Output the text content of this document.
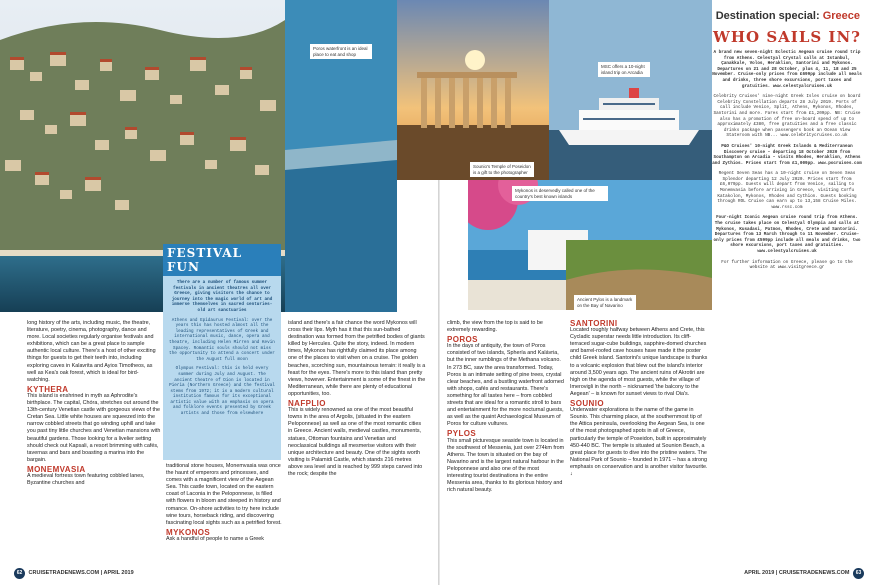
Destination special: Greece
Poros waterfront is an ideal place to eat and shop
Sounio's Temple of Poseidon is a gift to the photographer
MSC offers a 10-night island trip on Arcadia
Mykonos is deservedly called one of the country's best known islands
Ancient Pylos is a landmark on the Bay of Navarino
FESTIVAL FUN

There are a number of famous summer festivals in ancient theatres all over Greece, giving visitors the chance to journey into the magic world of art and immerse themselves in sacred centuries-old art sanctuaries

Athens and Epidaurus Festival: over the years this has hosted almost all the leading representatives of Greek and international music, dance, opera and theatre, including Helen Mirren and Kevin Spacey. Romantic souls should not miss the opportunity to attend a concert under the August full moon

Olympus Festival: this is held every summer during July and August. The ancient theatre of Dion is located in Pieria (Northern Greece) and the festival stems from 1972; it is a modern cultural institution famous for its exceptional artistic value with an emphasis on opera and folklore events presented by Greek artists and those from elsewhere

long history of the arts, including music, the theatre, literature, poetry, cinema, photography, dance and more. Local societies regularly organise festivals and exhibitions, which can be a great place to sample authentic local culture. There's a host of other exciting things for guests to get their teeth into, including exploring caves in Kalavrita and Ayios Timotheos, as well as Kea's oak forest, which is ideal for bird-watching.

KYTHERA

This island is enshrined in myth as Aphrodite's birthplace. The capital, Chóra, stretches out around the 13th-century Venetian castle with gorgeous views of the Cretan Sea. Little white houses are squeezed into the narrow cobbled streets that go winding uphill and take you past tiny little churches and Venetian mansions with beautiful gardens. Those looking for a livelier setting should check out Kapsali, a resort brimming with cafés, tavernas and bars and boasting a marina into the bargain.

MONEMVASIA

A medieval fortress town featuring cobbled lanes, Byzantine churches and

traditional stone houses, Monemvasia was once the haunt of emperors and princesses, and comes with a magnificent view of the Aegean Sea. This castle town, located on the eastern coast of Laconia in the Peloponnese, is filled with flowers in bloom and steeped in history and romance. On-shore activities to try here include wine tours, horseback riding, and discovering fascinating local sights such as a petrified forest.

MYKONOS

Ask a handful of people to name a Greek

island and there's a fair chance the word Mykonos will cross their lips. Myth has it that this sun-bathed destination was formed from the petrified bodies of giants killed by Hercules. Quite the story, indeed. In modern times, Mykonos has rightfully claimed its place among one of the places to visit when on a cruise. The golden beaches, scorching sun, mountainous terrain: it really is a feast for the eyes. There's more to this island than pretty views, however. Entertainment is some of the finest in the Mediterranean, while there are plenty of educational opportunities, too.

NAFPLIO

This is widely renowned as one of the most beautiful towns in the area of Argolis, (situated in the eastern Peloponnese) as well as one of the most romantic cities in Greece. Ancient walls, medieval castles, monuments, statues, Ottoman fountains and Venetian and neoclassical buildings all mesmerise visitors with their unique architecture and beauty. One of the sights worth visiting is Palamidi Castle, which stands 216 metres above sea level and is reached by 999 steps carved into the rock; despite the

climb, the view from the top is said to be extremely rewarding.

POROS

In the days of antiquity, the town of Poros consisted of two islands, Sphería and Kalávria, but the inner rumblings of the Methana volcano. In 273 BC, saw the area transformed. Today, Poros is an intimate setting of pine trees, crystal clear beaches, and a bustling waterfront adorned with shops, cafés and restaurants. There's something for all tastes here – from cobbled streets that are ideal for a romantic stroll to bars and entertainment for the more nocturnal guests, as well as the quaint Archaeological Museum of Poros for culture vultures.

PYLOS

This small picturesque seaside town is located in the southwest of Messenia, just over 274km from Athens. The town is situated on the bay of Navarino and is the largest natural harbour in the Peloponnese and also one of the most interesting tourist destinations in the entire Messenia area, thanks to its glorious history and rich natural beauty.

SANTORINI

Located roughly halfway between Athens and Crete, this Cycladic superstar needs little introduction. Its cliff-terraced sugar-cube buildings, sapphire-domed churches and barrel-roofed cave houses have made it the poster child Greek island. Santorini's unique landscape is thanks to a volcanic explosion that blew out the island's interior around 3,500 years ago. The ancient ruins of Akrotiri are high on the agenda of most guests, while the village of Imerovigli in the north – nicknamed 'the balcony to the Aegean' – is known for sunset views to rival Oia's.

SOUNIO

Underwater explorations is the name of the game in Sounio. This charming place, at the southernmost tip of the Attica peninsula, overlooking the Aegean Sea, is one of the most photographed spots in all of Greece, particularly the temple of Poseidon, built in approximately 450-440 BC. The temple is situated at Sounion Beach, a great place for guests to dive into the pristine waters. The National Park of Sounio – founded in 1971 – has a strong emphasis on conservation and is another visitor favourite. ↓

WHO SAILS IN?

A brand new seven-night Eclectic Aegean cruise round trip from Athens. Celestyal Crystal calls at Istanbul, Çanakkale, Volos, Heraklion, Santorini and Mykonos. Departures on 21 and 28 October, plus 4, 11, 18 and 25 November. Cruise-only prices from £699pp include all meals and drinks, three shore excursions, port taxes and gratuities. www.celestyalcruises.uk

Celebrity Cruises' nine-night Greek Isles cruise on board Celebrity Constellation departs 28 July 2019. Ports of call include Venice, Split, Athens, Mykonos, Rhodes, Santorini and more. Fares start from £1,209pp. NB: Cruise also has a promotion of free on-board spend of up to approximately £380, free gratuities and a free classic drinks package when passengers book an Ocean View Stateroom with NB... www.celebritycruises.co.uk

P&O Cruises' 10-night Greek Islands & Mediterranean Discovery cruise – departing 18 October 2020 from Southampton on Arcadia – visits Rhodes, Heraklion, Athens and Zythios. Prices start from £1,009pp. www.pocruises.com

Regent Seven Seas has a 10-night cruise on Seven Seas Splendor departing 12 July 2020. Prices start from £6,079pp. Guests will depart from Venice, sailing to Monemvasia before arriving in Greece, visiting Corfu Katakolon, Mykonos, Rhodes and Cythion. Guests booking through ROL Cruise can earn up to 13,158 Cruise Miles. www.rssc.com

Four-night Iconic Aegean cruise round trip from Athens. The cruise takes place on Celestyal Olympia and calls at Mykonos, Kusadasi, Patmos, Rhodes, Crete and Santorini. Departures from 13 March through to 11 November. Cruise-only prices from £599pp include all meals and drinks, two shore excursions, port taxes and gratuities. www.celestyalcruises.uk

For further information on Greece, please go to the website at www.visitgreece.gr

62 CRUISETRADENEWS.COM | APRIL 2019	APRIL 2019 | CRUISETRADENEWS.COM 63
